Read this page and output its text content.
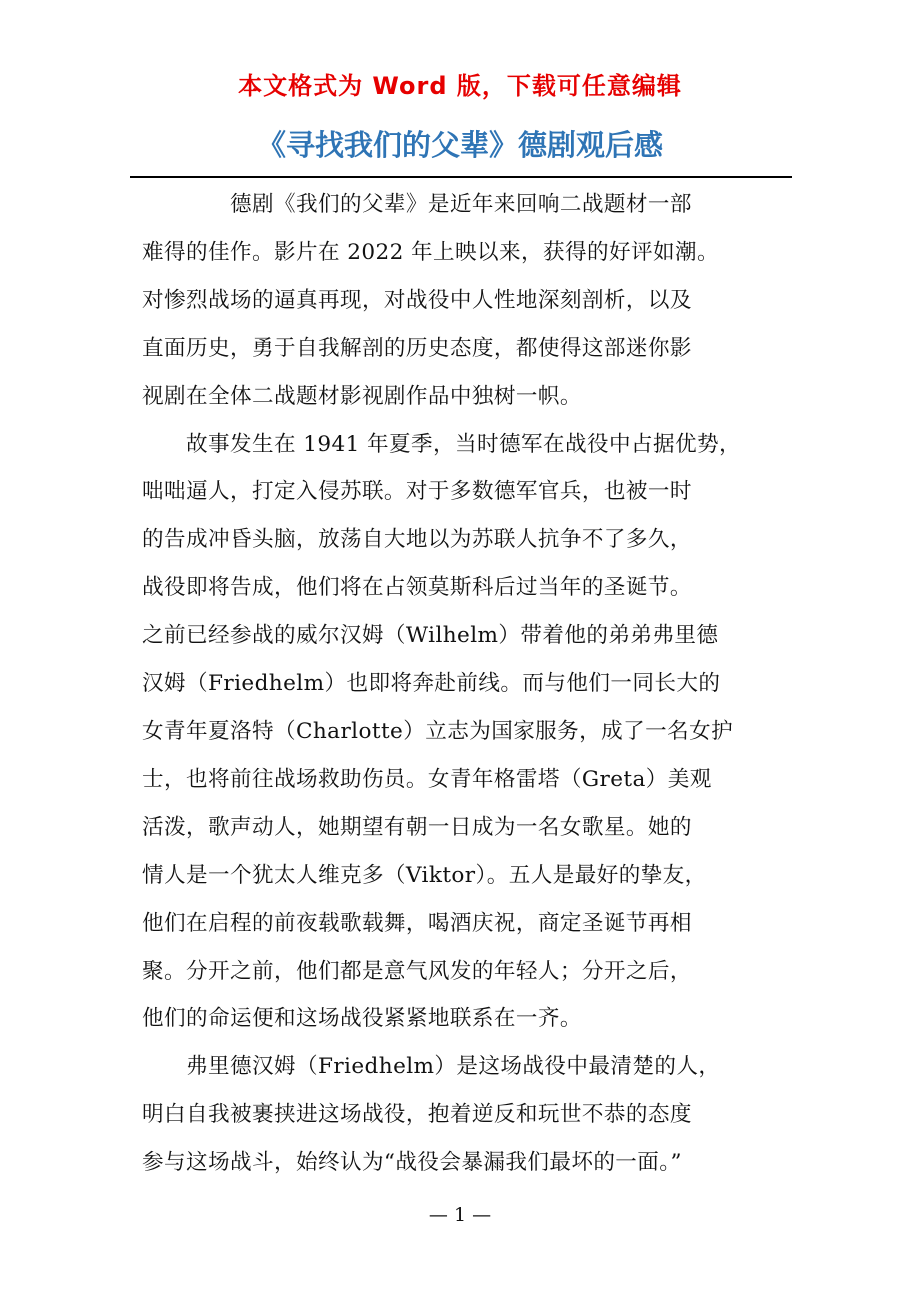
本文格式为 Word 版，下载可任意编辑
《寻找我们的父辈》德剧观后感

　　　　德剧《我们的父辈》是近年来回响二战题材一部
难得的佳作。影片在 2022 年上映以来，获得的好评如潮。
对惨烈战场的逼真再现，对战役中人性地深刻剖析，以及
直面历史，勇于自我解剖的历史态度，都使得这部迷你影
视剧在全体二战题材影视剧作品中独树一帜。

　　故事发生在 1941 年夏季，当时德军在战役中占据优势，
咄咄逼人，打定入侵苏联。对于多数德军官兵，也被一时
的告成冲昏头脑，放荡自大地以为苏联人抗争不了多久，
战役即将告成，他们将在占领莫斯科后过当年的圣诞节。
之前已经参战的威尔汉姆（Wilhelm）带着他的弟弟弗里德
汉姆（Friedhelm）也即将奔赴前线。而与他们一同长大的
女青年夏洛特（Charlotte）立志为国家服务，成了一名女护
士，也将前往战场救助伤员。女青年格雷塔（Greta）美观
活泼，歌声动人，她期望有朝一日成为一名女歌星。她的
情人是一个犹太人维克多（Viktor）。五人是最好的挚友，
他们在启程的前夜载歌载舞，喝酒庆祝，商定圣诞节再相
聚。分开之前，他们都是意气风发的年轻人；分开之后，
他们的命运便和这场战役紧紧地联系在一齐。

　　弗里德汉姆（Friedhelm）是这场战役中最清楚的人，
明白自我被裹挟进这场战役，抱着逆反和玩世不恭的态度
参与这场战斗，始终认为“战役会暴漏我们最坏的一面。”

— 1 —
